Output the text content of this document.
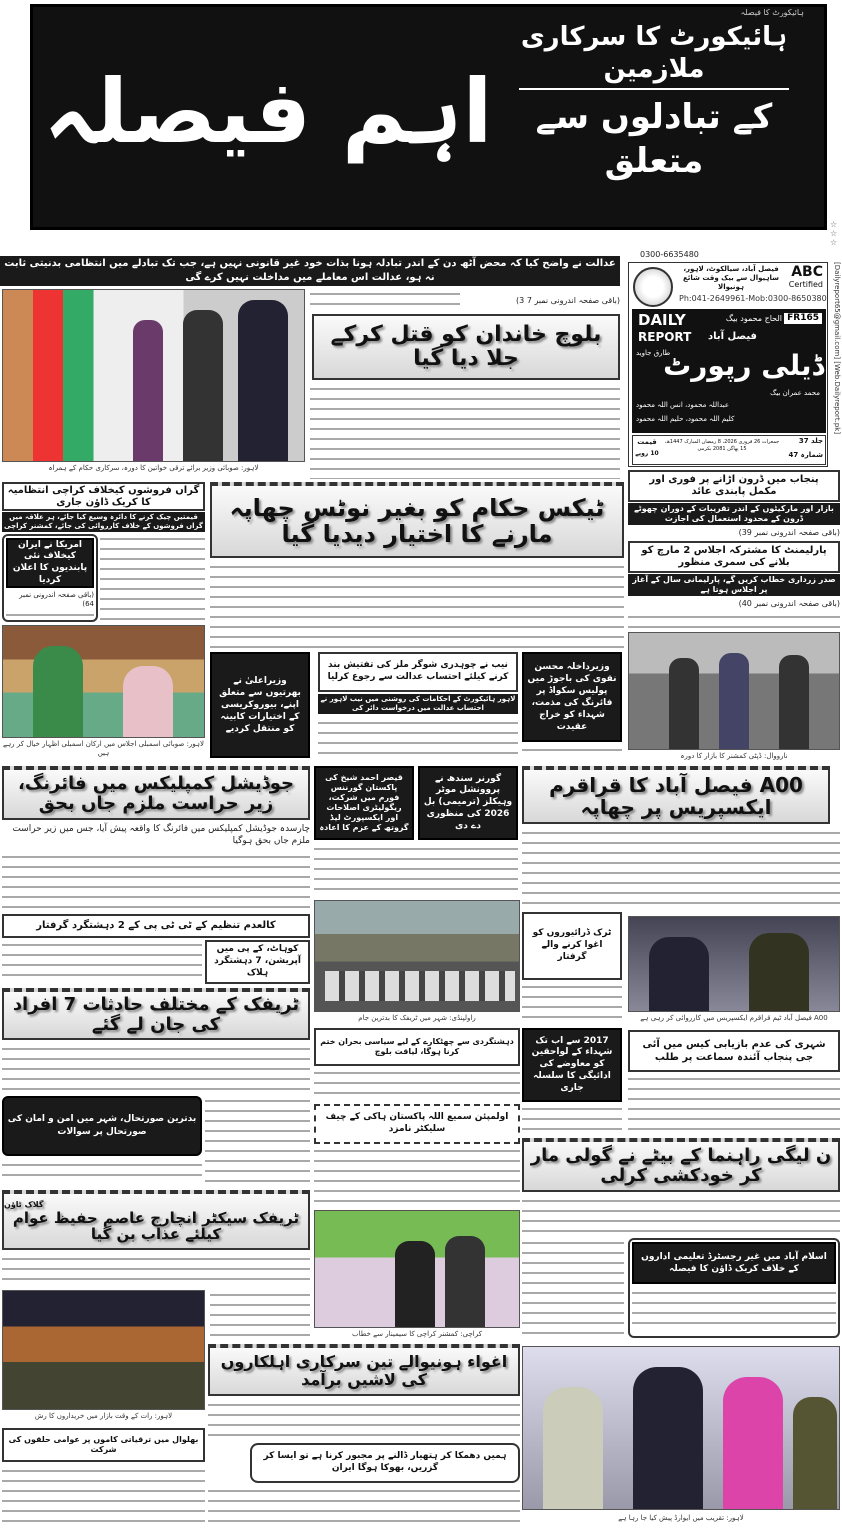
ہائیکورٹ کا فیصلہ
اہم فیصلہ
ہائیکورٹ کا سرکاری ملازمین
کے تبادلوں سے متعلق
☆
☆
☆
عدالت نے واضح کیا کہ محض آٹھ دن کے اندر تبادلہ ہونا بذات خود غیر قانونی نہیں ہے، جب تک تبادلے میں انتظامی بدنیتی ثابت نہ ہو، عدالت اس معاملے میں مداخلت نہیں کرے گی
0300-6635480
ABC
Certified
فیصل آباد، سیالکوٹ، لاہور، ساہیوال سے بیک وقت شائع ہونیوالا
Ph:041-2649961-Mob:0300-8650380
DAILY
REPORT
FR165
الحاج محمود بیگ
فیصل آباد
طارق جاوید
ڈیلی رپورٹ
محمد عمران بیگ
عبداللہ محمود، انس اللہ محمود
کلیم اللہ محمود، حلیم اللہ محمود
قیمت
10 روپے
جمعرات 26 فروری 2026، 8 رمضان المبارک 1447ھ، 15 پھاگن 2081 بکرمی
جلد 37
شمارہ 47
[Dailyreport65@gmail.com] [Web.Dailyreport.pk]
لاہور: صوبائی وزیر برائے ترقی خواتین کا دورہ، سرکاری حکام کے ہمراہ
(باقی صفحہ اندرونی نمبر 7 3)
بلوچ خاندان کو قتل کرکے جلا دیا گیا
پنجاب میں ڈرون اڑانے پر فوری اور مکمل پابندی عائد
بازار اور مارکیٹوں کے اندر تقریبات کے دوران چھوٹے ڈرون کے محدود استعمال کی اجازت
(باقی صفحہ اندرونی نمبر 39)
پارلیمنٹ کا مشترکہ اجلاس 2 مارچ کو بلانے کی سمری منظور
صدر زرداری خطاب کریں گے، پارلیمانی سال کے آغاز پر اجلاس ہوتا ہے
(باقی صفحہ اندرونی نمبر 40)
گراں فروشوں کیخلاف کراچی انتظامیہ کا کریک ڈاؤن جاری
قیمتیں چیک کرنے کا دائرہ وسیع کیا جائے، ہر علاقہ میں گراں فروشوں کے خلاف کارروائی کی جائے، کمشنر کراچی
امریکا نے ایران کیخلاف نئی پابندیوں کا اعلان کردیا
(باقی صفحہ اندرونی نمبر 64)
ٹیکس حکام کو بغیر نوٹس چھاپہ مارنے کا اختیار دیدیا گیا
لاہور: صوبائی اسمبلی اجلاس میں ارکان اسمبلی اظہار خیال کر رہے ہیں
وزیراعلیٰ نے بھرتیوں سے متعلق اپنے، بیوروکریسی کے اختیارات کابینہ کو منتقل کردیے
نیب نے چوہدری شوگر ملز کی تفتیش بند کرنے کیلئے احتساب عدالت سے رجوع کرلیا
لاہور ہائیکورٹ کے احکامات کی روشنی میں نیب لاہور نے احتساب عدالت میں درخواست دائر کی
وزیرداخلہ محسن نقوی کی باجوڑ میں پولیس سکواڈ پر فائرنگ کی مذمت، شہداء کو خراج عقیدت
نارووال: ڈپٹی کمشنر کا بازار کا دورہ
جوڈیشل کمپلیکس میں فائرنگ، زیر حراست ملزم جاں بحق
چارسدہ جوڈیشل کمپلیکس میں فائرنگ کا واقعہ پیش آیا، جس میں زیر حراست ملزم جاں بحق ہوگیا
قیصر احمد شیخ کی پاکستان گورننس فورم میں شرکت، ریگولیٹری اصلاحات اور ایکسپورٹ لیڈ گروتھ کے عزم کا اعادہ
گورنر سندھ نے پروونشل موٹر وہیکلز (ترمیمی) بل 2026 کی منظوری دے دی
A00 فیصل آباد کا قراقرم ایکسپریس پر چھاپہ
کالعدم تنظیم کے ٹی ٹی پی کے 2 دہشتگرد گرفتار
کوہاٹ، کے پی میں آپریشن، 7 دہشتگرد ہلاک
راولپنڈی: شہر میں ٹریفک کا بدترین جام
ٹرک ڈرائیوروں کو اغوا کرنے والے گرفتار
A00 فیصل آباد ٹیم قراقرم ایکسپریس میں کارروائی کر رہی ہے
ٹریفک کے مختلف حادثات 7 افراد کی جان لے گئے
بدترین صورتحال، شہر میں امن و امان کی صورتحال پر سوالات
دہشتگردی سے چھٹکارے کے لیے سیاسی بحران ختم کرنا ہوگا، لیاقت بلوچ
اولمپئن سمیع اللہ پاکستان ہاکی کے چیف سلیکٹر نامزد
2017 سے اب تک شہداء کے لواحقین کو معاوضے کی ادائیگی کا سلسلہ جاری
شہری کی عدم بازیابی کیس میں آئی جی پنجاب آئندہ سماعت پر طلب
ن لیگی راہنما کے بیٹے نے گولی مار کر خودکشی کرلی
اسلام آباد میں غیر رجسٹرڈ تعلیمی اداروں کے خلاف کریک ڈاؤن کا فیصلہ
گلاک ٹاؤن
ٹریفک سیکٹر انچارج عاصم حفیظ عوام کیلئے عذاب بن گیا
لاہور: رات کے وقت بازار میں خریداروں کا رش
کراچی: کمشنر کراچی کا سیمینار سے خطاب
اغواء ہونیوالے تین سرکاری اہلکاروں کی لاشیں برآمد
ہمیں دھمکا کر ہتھیار ڈالنے پر مجبور کرنا ہے تو ایسا کر گزریں، بھوکا ہوگا ایران
لاہور: تقریب میں ایوارڈ پیش کیا جا رہا ہے
بھلوال میں ترقیاتی کاموں پر عوامی حلقوں کی شرکت
